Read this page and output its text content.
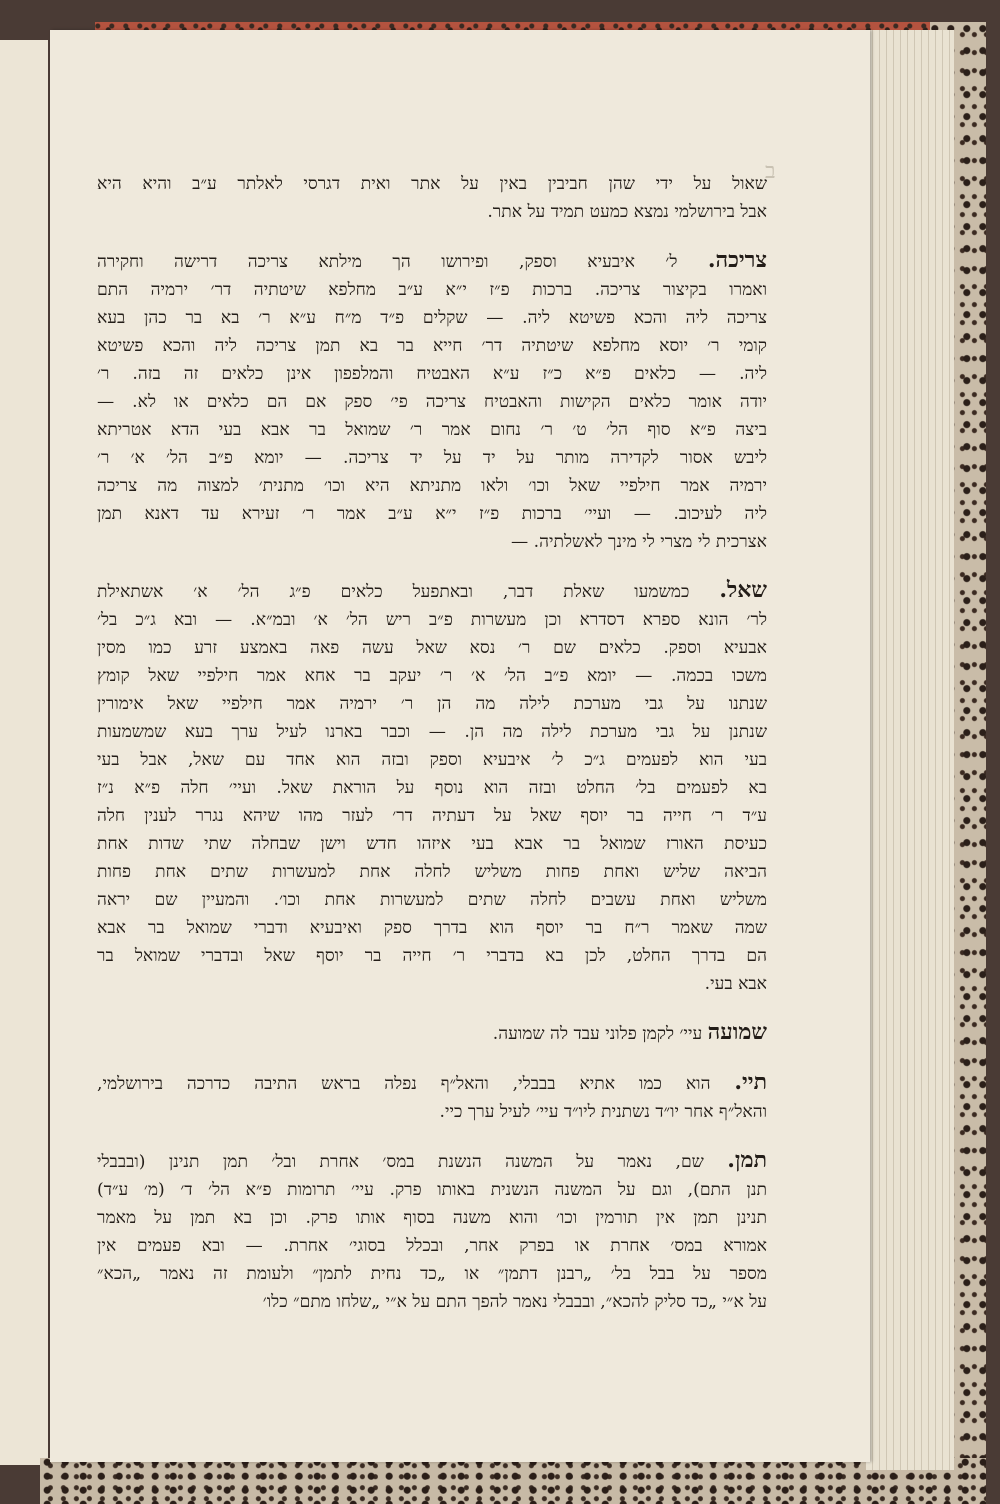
ב
שאול על ידי שהן חביבין באין על אתר ואית דגרסי לאלתר ע״ב והיא היא
אבל בירושלמי נמצא כמעט תמיד על אתר.
צריכה. ל׳ איבעיא וספק, ופירושו הך מילתא צריכה דרישה וחקירה
ואמרו בקיצור צריכה. ברכות פ״ז י״א ע״ב מחלפא שיטתיה דר׳ ירמיה התם
צריכה ליה והכא פשיטא ליה. — שקלים פ״ד מ״ח ע״א ר׳ בא בר כהן בעא
קומי ר׳ יוסא מחלפא שיטתיה דר׳ חייא בר בא תמן צריכה ליה והכא פשיטא
ליה. — כלאים פ״א כ״ז ע״א האבטיח והמלפפון אינן כלאים זה בזה. ר׳
יודה אומר כלאים הקישות והאבטיח צריכה פי׳ ספק אם הם כלאים או לא. —
ביצה פ״א סוף הל׳ ט׳ ר׳ נחום אמר ר׳ שמואל בר אבא בעי הדא אטריתא
ליבש אסור לקדירה מותר על יד על יד צריכה. — יומא פ״ב הל׳ א׳ ר׳
ירמיה אמר חילפיי שאל וכו׳ ולאו מתניתא היא וכו׳ מתנית׳ למצוה מה צריכה
ליה לעיכוב. — ועיי׳ ברכות פ״ז י״א ע״ב אמר ר׳ זעירא עד דאנא תמן
אצרכית לי מצרי לי מינך לאשלתיה. —
שאל. כמשמעו שאלת דבר, ובאתפעל כלאים פ״ג הל׳ א׳ אשתאילת
לר׳ הונא ספרא דסדרא וכן מעשרות פ״ב ריש הל׳ א׳ ובמ״א. — ובא ג״כ בל׳
אבעיא וספק. כלאים שם ר׳ נסא שאל עשה פאה באמצע זרע כמו מסין
משכו בכמה. — יומא פ״ב הל׳ א׳ ר׳ יעקב בר אחא אמר חילפיי שאל קומץ
שנתנו על גבי מערכת לילה מה הן ר׳ ירמיה אמר חילפיי שאל אימורין
שנתנן על גבי מערכת לילה מה הן. — וכבר בארנו לעיל ערך בעא שמשמעות
בעי הוא לפעמים ג״כ ל׳ איבעיא וספק ובזה הוא אחד עם שאל, אבל בעי
בא לפעמים בל׳ החלט ובזה הוא נוסף על הוראת שאל. ועיי׳ חלה פ״א נ״ז
ע״ד ר׳ חייה בר יוסף שאל על דעתיה דר׳ לעזר מהו שיהא נגרר לענין חלה
כעיסת האורז שמואל בר אבא בעי איזהו חדש וישן שבחלה שתי שדות אחת
הביאה שליש ואחת פחות משליש לחלה אחת למעשרות שתים אחת פחות
משליש ואחת עשבים לחלה שתים למעשרות אחת וכו׳. והמעיין שם יראה
שמה שאמר ר״ח בר יוסף הוא בדרך ספק ואיבעיא ודברי שמואל בר אבא
הם בדרך החלט, לכן בא בדברי ר׳ חייה בר יוסף שאל ובדברי שמואל בר
אבא בעי.
שמועה עיי׳ לקמן פלוני עבד לה שמועה.
תיי. הוא כמו אתיא בבבלי, והאל״ף נפלה בראש התיבה כדרכה בירושלמי,
והאל״ף אחר יו״ד נשתנית ליו״ד עיי׳ לעיל ערך כיי.
תמן. שם, נאמר על המשנה הנשנת במס׳ אחרת ובל׳ תמן תנינן (ובבבלי
תנן התם), וגם על המשנה הנשנית באותו פרק. עיי׳ תרומות פ״א הל׳ ד׳ (מ׳ ע״ד)
תנינן תמן אין תורמין וכו׳ והוא משנה בסוף אותו פרק. וכן בא תמן על מאמר
אמורא במס׳ אחרת או בפרק אחר, ובכלל בסוגי׳ אחרת. — ובא פעמים אין
מספר על בבל בל׳ „רבנן דתמן״ או „כד נחית לתמן״ ולעומת זה נאמר „הכא״
על א״י „כד סליק להכא״, ובבבלי נאמר להפך התם על א״י „שלחו מתם״ כלו׳
